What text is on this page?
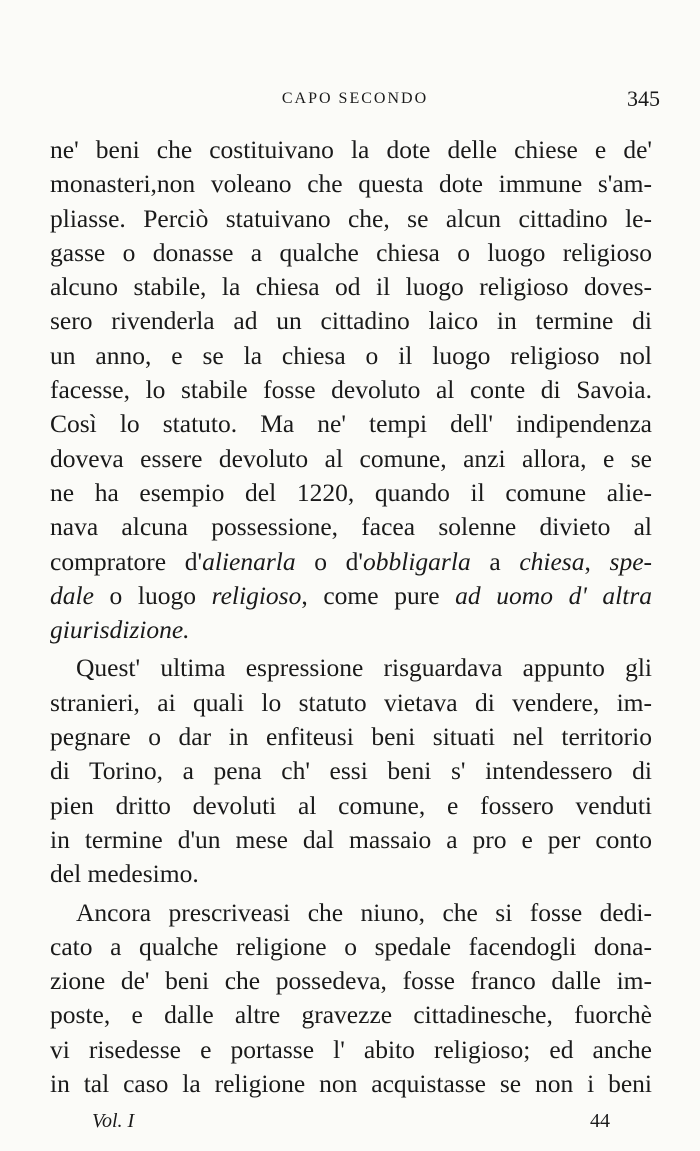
CAPO SECONDO	345
ne' beni che costituivano la dote delle chiese e de'
monasteri,non voleano che questa dote immune s'am-
pliasse. Perciò statuivano che, se alcun cittadino le-
gasse o donasse a qualche chiesa o luogo religioso
alcuno stabile, la chiesa od il luogo religioso doves-
sero rivenderla ad un cittadino laico in termine di
un anno, e se la chiesa o il luogo religioso nol
facesse, lo stabile fosse devoluto al conte di Savoia.
Così lo statuto. Ma ne' tempi dell' indipendenza
doveva essere devoluto al comune, anzi allora, e se
ne ha esempio del 1220, quando il comune alie-
nava alcuna possessione, facea solenne divieto al
compratore d'alienarla o d'obbligarla a chiesa, spe-
dale o luogo religioso, come pure ad uomo d' altra
giurisdizione.
Quest' ultima espressione risguardava appunto gli
stranieri, ai quali lo statuto vietava di vendere, im-
pegnare o dar in enfiteusi beni situati nel territorio
di Torino, a pena ch' essi beni s' intendessero di
pien dritto devoluti al comune, e fossero venduti
in termine d'un mese dal massaio a pro e per conto
del medesimo.
Ancora prescriveasi che niuno, che si fosse dedi-
cato a qualche religione o spedale facendogli dona-
zione de' beni che possedeva, fosse franco dalle im-
poste, e dalle altre gravezze cittadinesche, fuorchè
vi risedesse e portasse l' abito religioso; ed anche
in tal caso la religione non acquistasse se non i beni
Vol. I	44
